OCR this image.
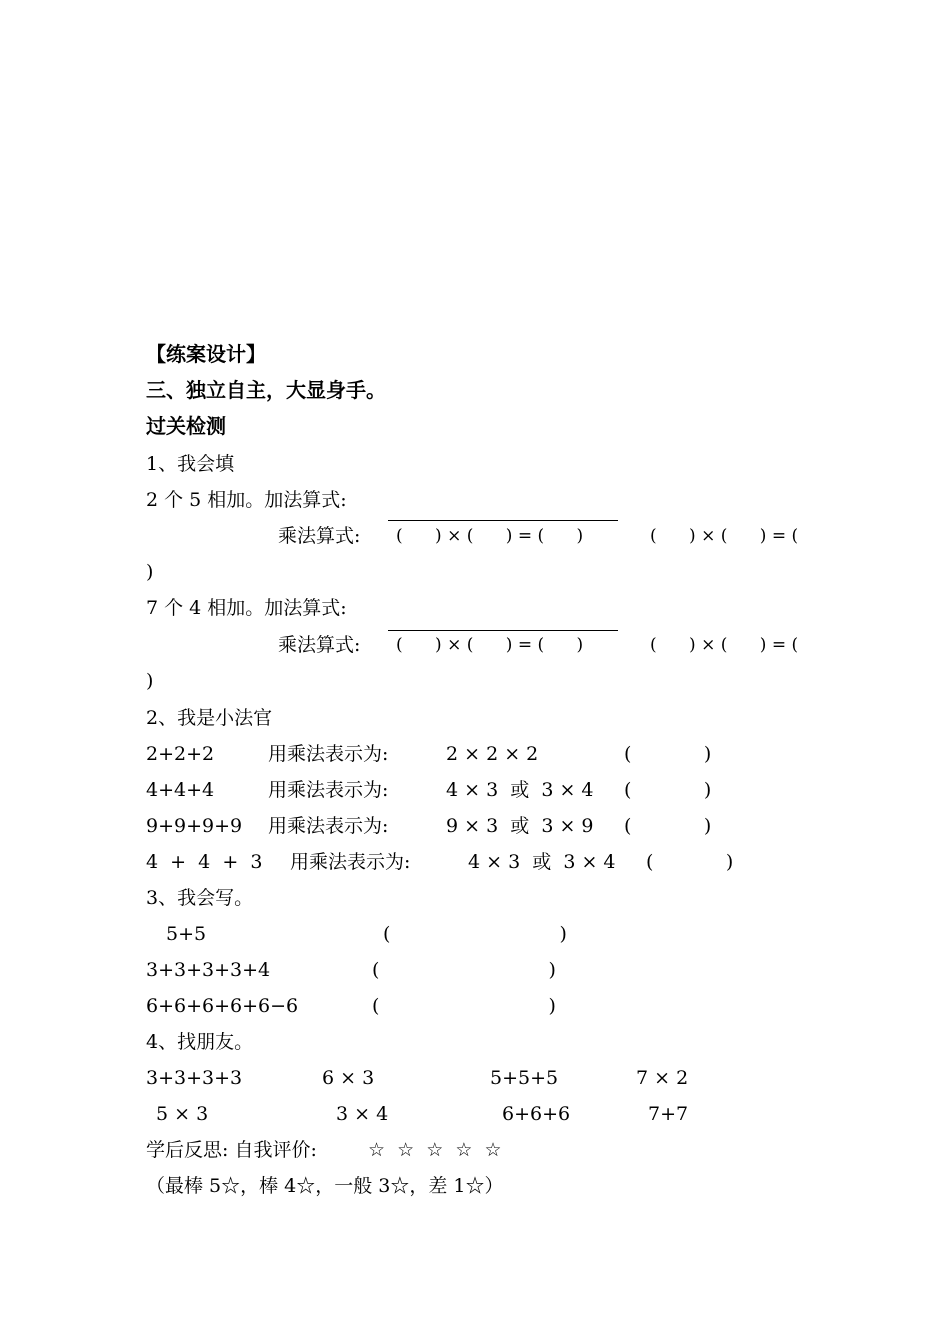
【练案设计】
三、独立自主，大显身手。
过关检测
1、我会填
2 个 5 相加。加法算式:
乘法算式: (      ) × (      ) = (      )	(      ) × (      ) = (
)
7 个 4 相加。加法算式:
乘法算式: (      ) × (      ) = (      )	(      ) × (      ) = (
)
2、我是小法官
2+2+2	用乘法表示为:	2 × 2 × 2	(            )
4+4+4	用乘法表示为:	4 × 3  或  3 × 4 (            )
9+9+9+9 用乘法表示为:	9 × 3  或  3 × 9 (            )
4  +  4  +  3 用乘法表示为:	4 × 3  或  3 × 4 (            )
3、我会写。
5+5	(                            )
3+3+3+3+4	(                            )
6+6+6+6+6−6	(                            )
4、找朋友。
3+3+3+3	6 × 3	5+5+5	7 × 2
5 × 3	3 × 4	6+6+6	7+7
学后反思: 自我评价:	☆  ☆  ☆  ☆  ☆
（最棒 5☆，棒 4☆，一般 3☆，差 1☆）
